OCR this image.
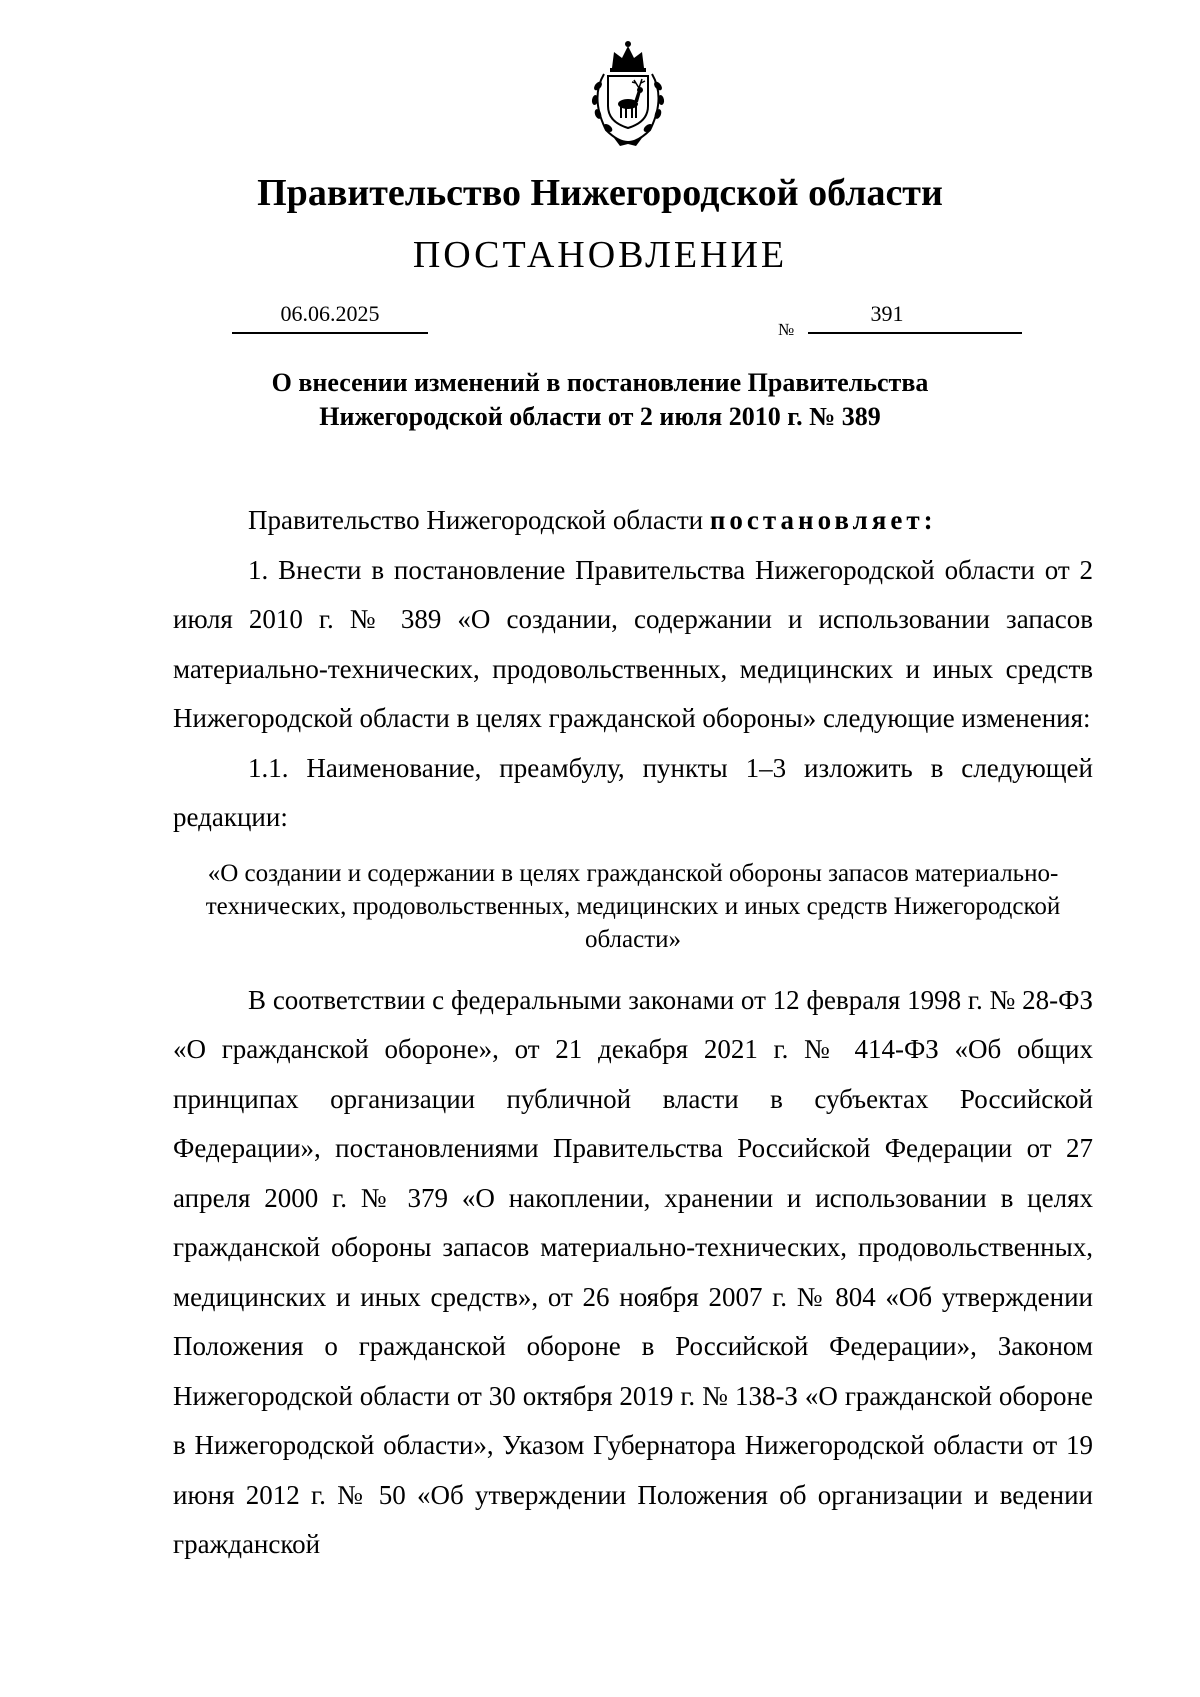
Правительство Нижегородской области
ПОСТАНОВЛЕНИЕ
06.06.2025
№
391
О внесении изменений в постановление Правительства
Нижегородской области от 2 июля 2010 г. № 389

Правительство Нижегородской области постановляет:

1. Внести в постановление Правительства Нижегородской области от 2 июля 2010 г. № 389 «О создании, содержании и использовании запасов материально-технических, продовольственных, медицинских и иных средств Нижегородской области в целях гражданской обороны» следующие изменения:

1.1. Наименование, преамбулу, пункты 1–3 изложить в следующей редакции:

«О создании и содержании в целях гражданской обороны запасов материально-технических, продовольственных, медицинских и иных средств Нижегородской области»

В соответствии с федеральными законами от 12 февраля 1998 г. № 28-ФЗ «О гражданской обороне», от 21 декабря 2021 г. № 414-ФЗ «Об общих принципах организации публичной власти в субъектах Российской Федерации», постановлениями Правительства Российской Федерации от 27 апреля 2000 г. № 379 «О накоплении, хранении и использовании в целях гражданской обороны запасов материально-технических, продовольственных, медицинских и иных средств», от 26 ноября 2007 г. № 804 «Об утверждении Положения о гражданской обороне в Российской Федерации», Законом Нижегородской области от 30 октября 2019 г. № 138-З «О гражданской обороне в Нижегородской области», Указом Губернатора Нижегородской области от 19 июня 2012 г. № 50 «Об утверждении Положения об организации и ведении гражданской
